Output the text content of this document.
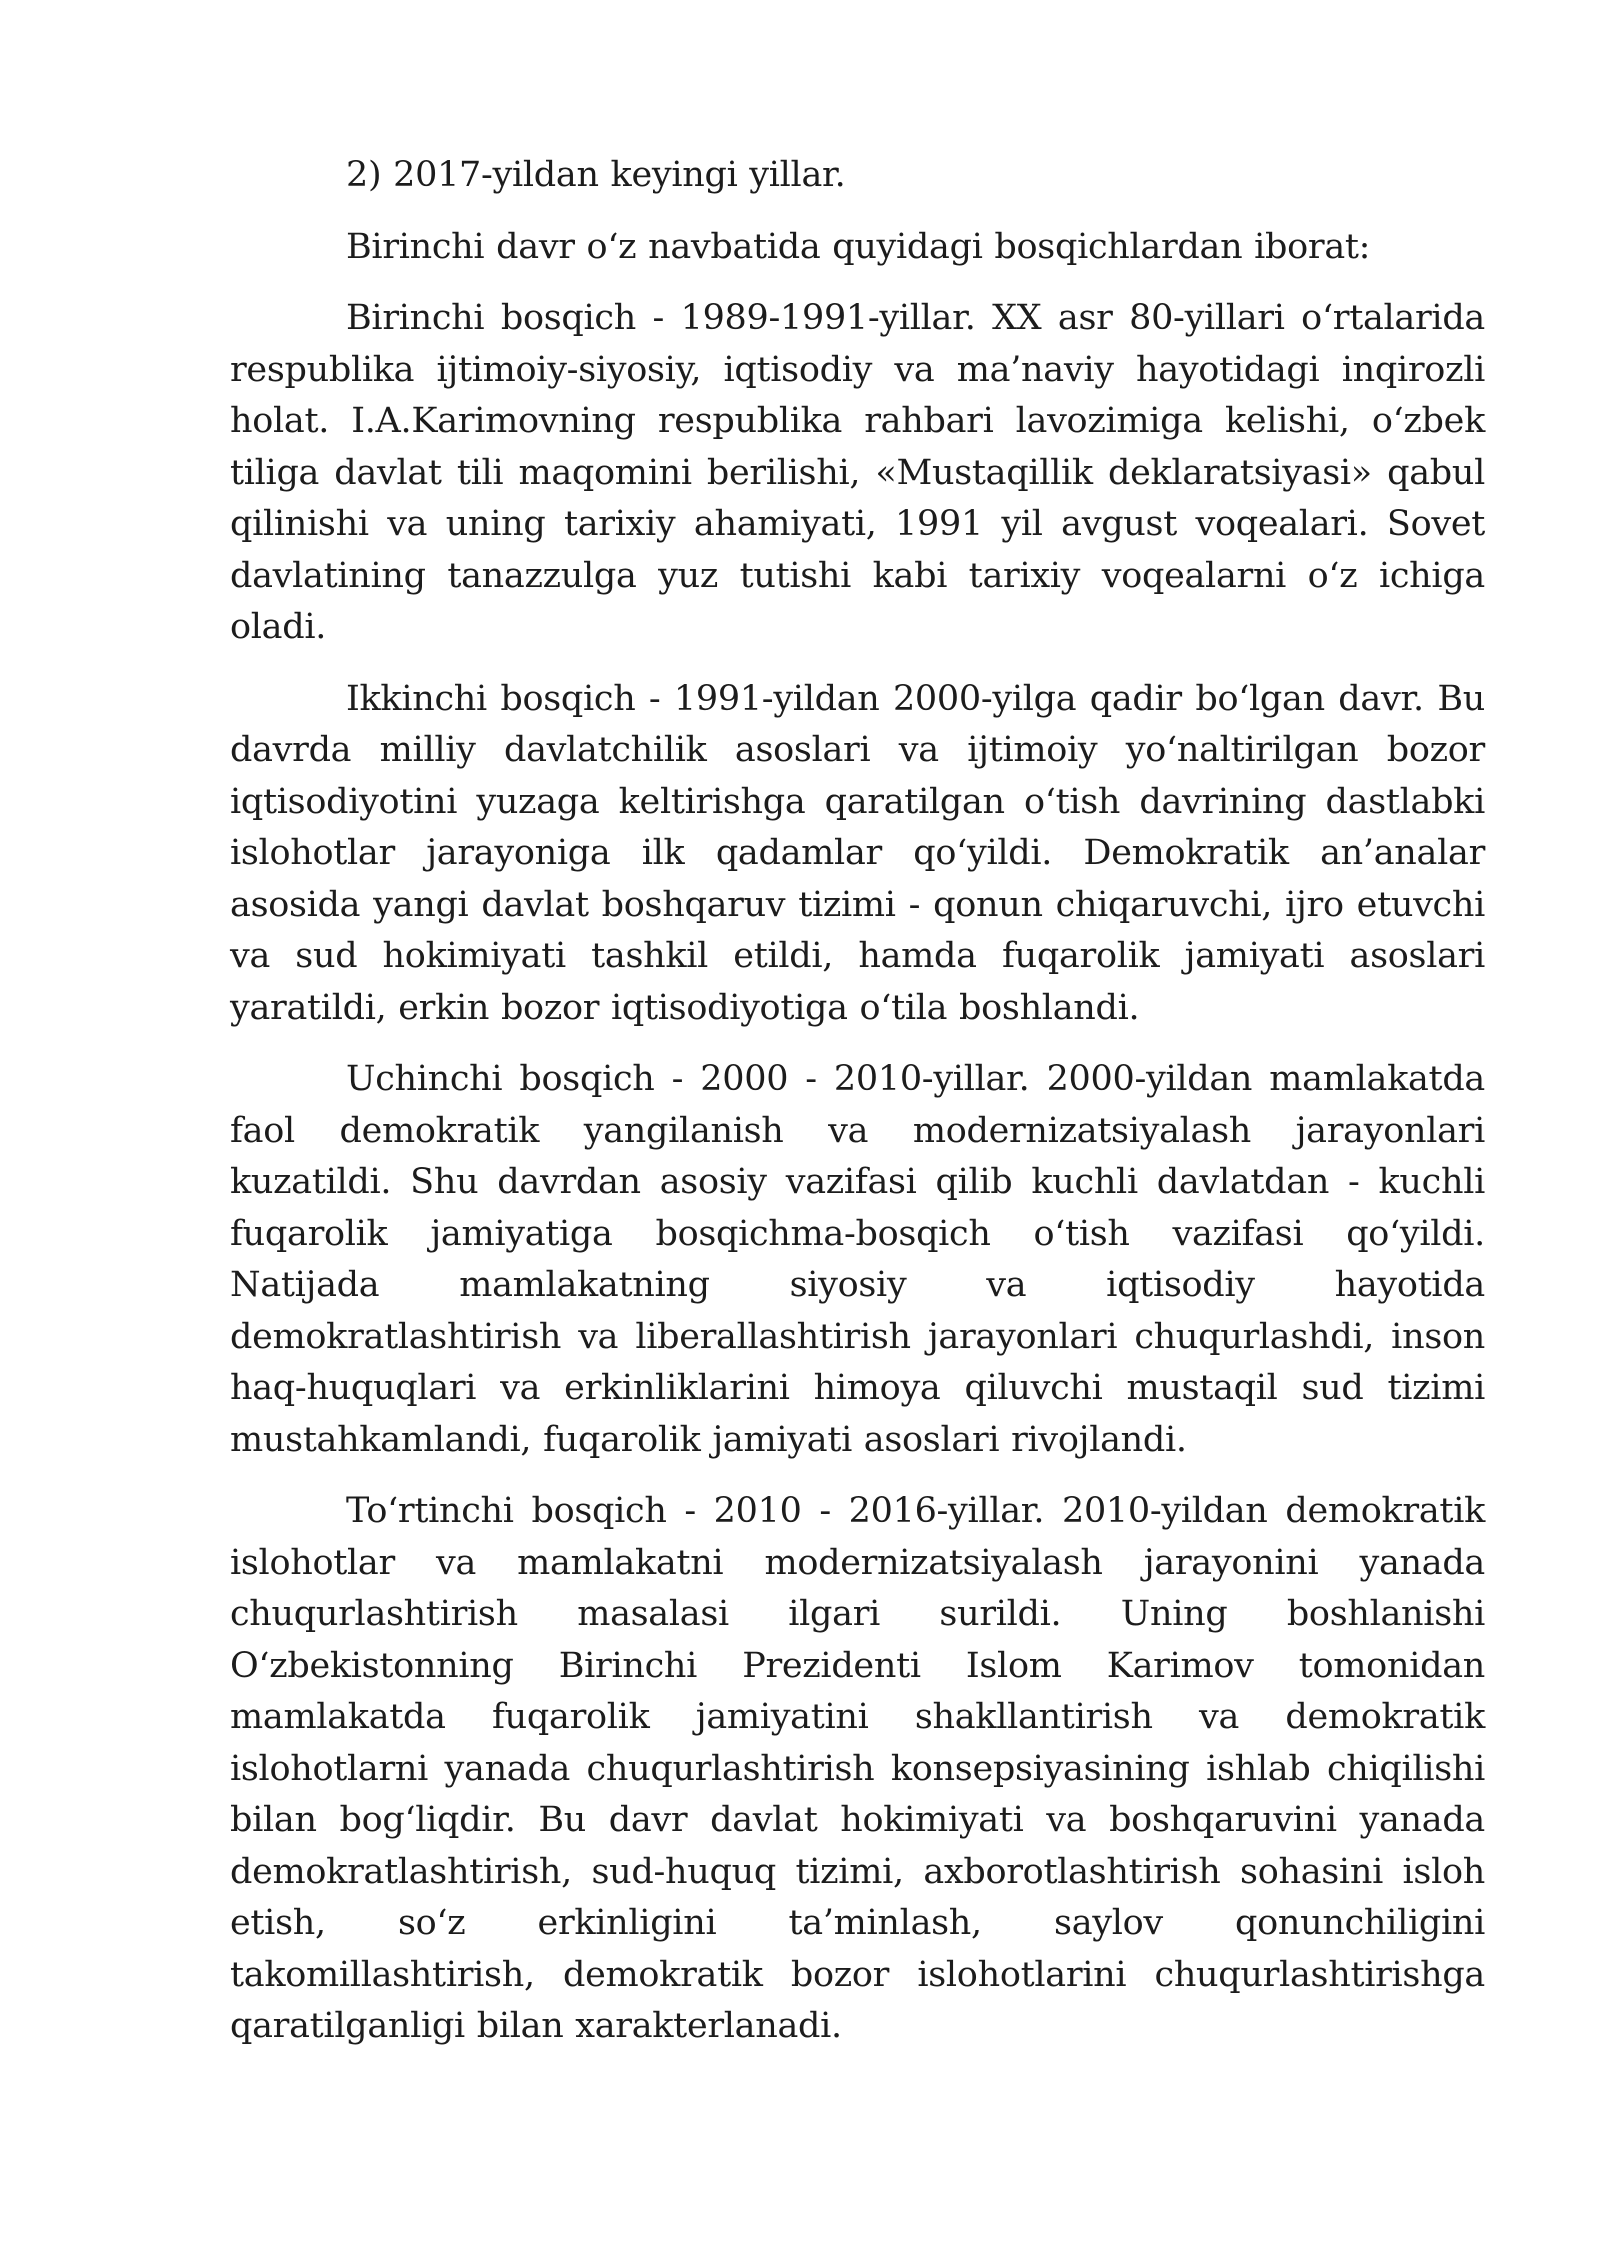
2) 2017-yildan keyingi yillar.

Birinchi davr o‘z navbatida quyidagi bosqichlardan iborat:

Birinchi bosqich - 1989-1991-yillar. XX asr 80-yillari o‘rtalarida respublika ijtimoiy-siyosiy, iqtisodiy va ma’naviy hayotidagi inqirozli holat. I.A.Karimovning respublika rahbari lavozimiga kelishi, o‘zbek tiliga davlat tili maqomini berilishi, «Mustaqillik deklaratsiyasi» qabul qilinishi va uning tarixiy ahamiyati, 1991 yil avgust voqealari. Sovet davlatining tanazzulga yuz tutishi kabi tarixiy voqealarni o‘z ichiga oladi.

Ikkinchi bosqich - 1991-yildan 2000-yilga qadir bo‘lgan davr. Bu davrda milliy davlatchilik asoslari va ijtimoiy yo‘naltirilgan bozor iqtisodiyotini yuzaga keltirishga qaratilgan o‘tish davrining dastlabki islohotlar jarayoniga ilk qadamlar qo‘yildi. Demokratik an’analar asosida yangi davlat boshqaruv tizimi - qonun chiqaruvchi, ijro etuvchi va sud hokimiyati tashkil etildi, hamda fuqarolik jamiyati asoslari yaratildi, erkin bozor iqtisodiyotiga o‘tila boshlandi.

Uchinchi bosqich - 2000 - 2010-yillar. 2000-yildan mamlakatda faol demokratik yangilanish va modernizatsiyalash jarayonlari kuzatildi. Shu davrdan asosiy vazifasi qilib kuchli davlatdan - kuchli fuqarolik jamiyatiga bosqichma-bosqich o‘tish vazifasi qo‘yildi. Natijada mamlakatning siyosiy va iqtisodiy hayotida demokratlashtirish va liberallashtirish jarayonlari chuqurlashdi, inson haq-huquqlari va erkinliklarini himoya qiluvchi mustaqil sud tizimi mustahkamlandi, fuqarolik jamiyati asoslari rivojlandi.

To‘rtinchi bosqich - 2010 - 2016-yillar. 2010-yildan demokratik islohotlar va mamlakatni modernizatsiyalash jarayonini yanada chuqurlashtirish masalasi ilgari surildi. Uning boshlanishi O‘zbekistonning Birinchi Prezidenti Islom Karimov tomonidan mamlakatda fuqarolik jamiyatini shakllantirish va demokratik islohotlarni yanada chuqurlashtirish konsepsiyasining ishlab chiqilishi bilan bog‘liqdir. Bu davr davlat hokimiyati va boshqaruvini yanada demokratlashtirish, sud-huquq tizimi, axborotlashtirish sohasini isloh etish, so‘z erkinligini ta’minlash, saylov qonunchiligini takomillashtirish, demokratik bozor islohotlarini chuqurlashtirishga qaratilganligi bilan xarakterlanadi.
